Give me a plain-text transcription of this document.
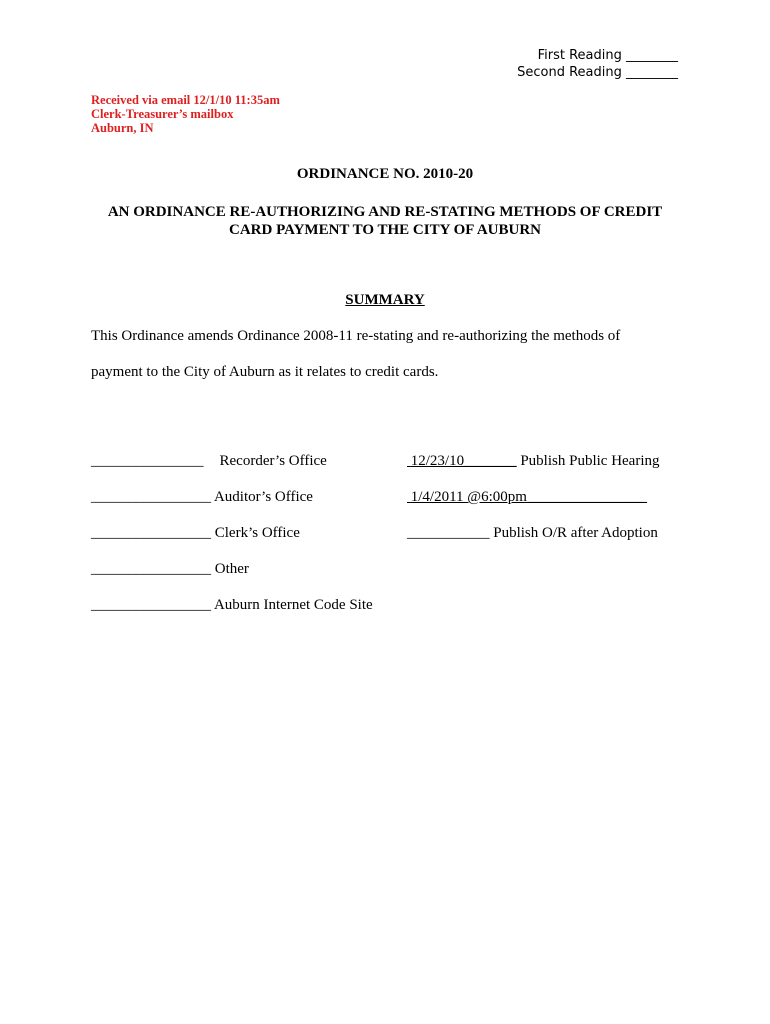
First Reading ________
Second Reading ________
Received via email 12/1/10 11:35am
Clerk-Treasurer’s mailbox
Auburn, IN
ORDINANCE NO. 2010-20
AN ORDINANCE RE-AUTHORIZING AND RE-STATING METHODS OF CREDIT
CARD PAYMENT TO THE CITY OF AUBURN
SUMMARY
This Ordinance amends Ordinance 2008-11 re-stating and re-authorizing the methods of
payment to the City of Auburn as it relates to credit cards.
_______________ Recorder’s Office
________________ Auditor’s Office
________________ Clerk’s Office
________________ Other
________________ Auburn Internet Code Site
12/23/10_______ Publish Public Hearing
1/4/2011 @6:00pm________________
___________ Publish O/R after Adoption
